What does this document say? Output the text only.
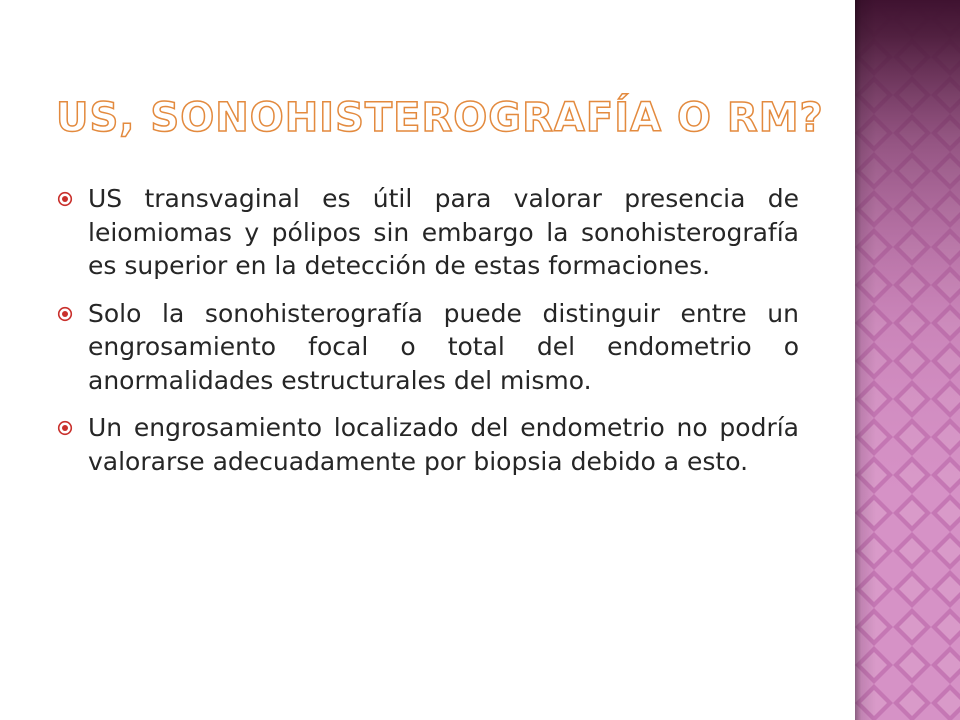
US, SONOHISTEROGRAFÍA O RM?
US transvaginal es útil para valorar presencia de leiomiomas y pólipos sin embargo la sonohisterografía es superior en la detección de estas formaciones.
Solo la sonohisterografía puede distinguir entre un engrosamiento focal o total del endometrio o anormalidades estructurales del mismo.
Un engrosamiento localizado del endometrio no podría valorarse adecuadamente por biopsia debido a esto.
